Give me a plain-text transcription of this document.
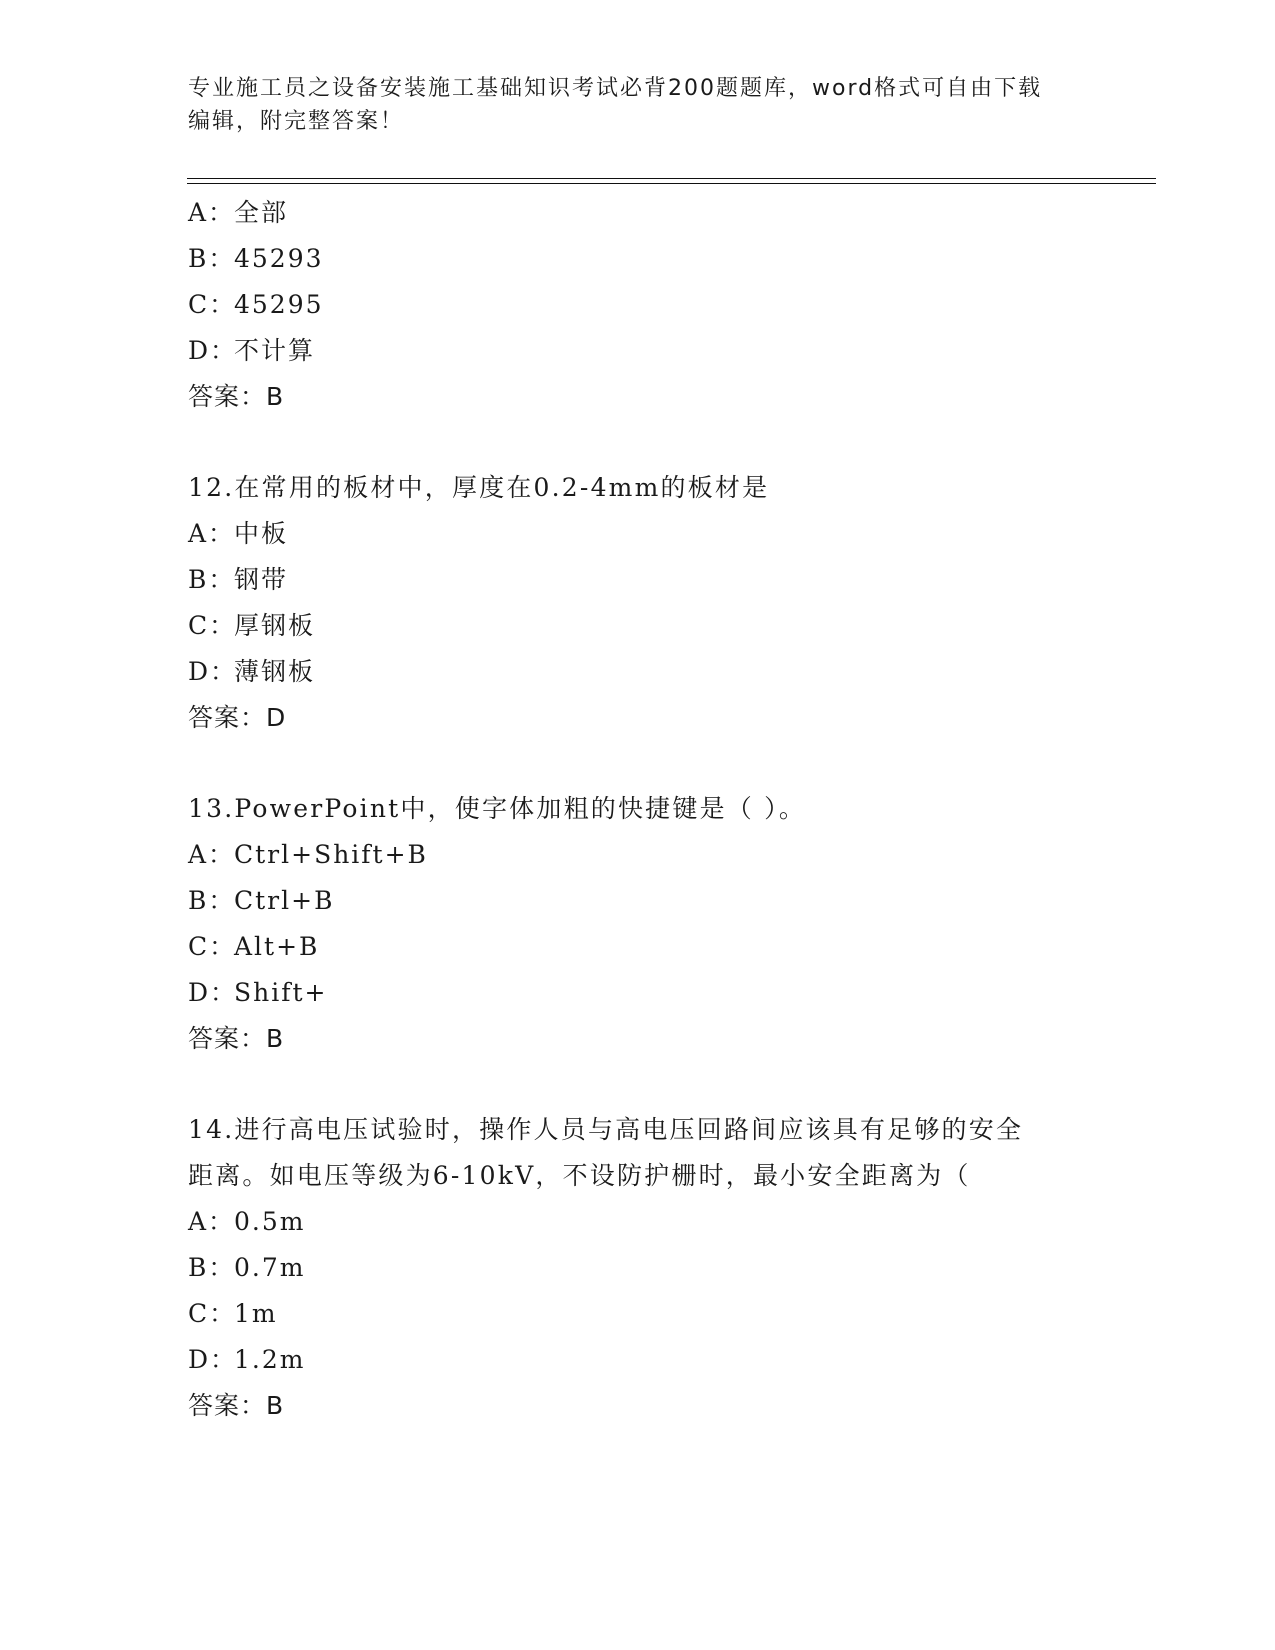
专业施工员之设备安装施工基础知识考试必背200题题库，word格式可自由下载
编辑，附完整答案！
A：全部
B：45293
C：45295
D：不计算
答案：B
12.在常用的板材中，厚度在0.2-4mm的板材是
A：中板
B：钢带
C：厚钢板
D：薄钢板
答案：D
13.PowerPoint中，使字体加粗的快捷键是（ ）。
A：Ctrl+Shift+B
B：Ctrl+B
C：Alt+B
D：Shift+
答案：B
14.进行高电压试验时，操作人员与高电压回路间应该具有足够的安全
距离。如电压等级为6-10kV，不设防护栅时，最小安全距离为（
A：0.5m
B：0.7m
C：1m
D：1.2m
答案：B
